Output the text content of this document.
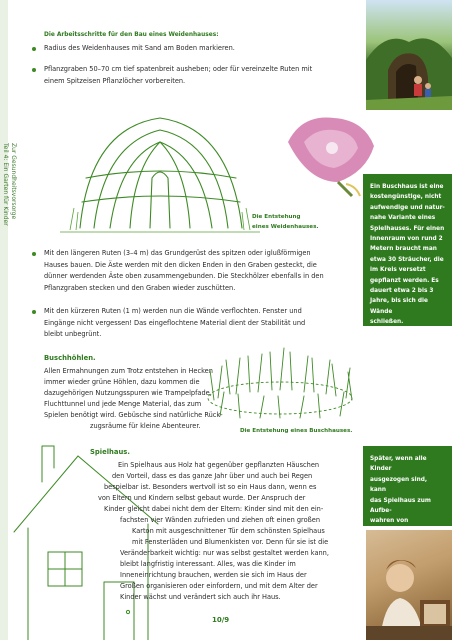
Zur Gesundheitsvorsorge
Teil 4: Ein Garten für Kinder
Die Arbeitsschritte für den Bau eines Weidenhauses:
Radius des Weidenhauses mit Sand am Boden markieren.
Pflanzgraben 50–70 cm tief spatenbreit ausheben; oder für vereinzelte Ruten mit
einem Spitzeisen Pflanzlöcher vorbereiten.
Die Entstehung
eines Weidenhauses.
Ein Buschhaus ist eine
kostengünstige, nicht
aufwendige und natur-
nahe Variante eines
Spielhauses. Für einen
Innenraum von rund 2
Metern braucht man
etwa 30 Sträucher, die
im Kreis versetzt
gepflanzt werden. Es
dauert etwa 2 bis 3
Jahre, bis sich die Wände
schließen.
Mit den längeren Ruten (3–4 m) das Grundgerüst des spitzen oder iglußförmigen
Hauses bauen. Die Äste werden mit den dicken Enden in den Graben gesteckt, die
dünner werdenden Äste oben zusammengebunden. Die Steckhölzer ebenfalls in den
Pflanzgraben stecken und den Graben wieder zuschütten.
Mit den kürzeren Ruten (1 m) werden nun die Wände verflochten. Fenster und
Eingänge nicht vergessen! Das eingeflochtene Material dient der Stabilität und
bleibt unbegrünt.
Buschhöhlen.
Allen Ermahnungen zum Trotz entstehen in Hecken
immer wieder grüne Höhlen, dazu kommen die
dazugehörigen Nutzungsspuren wie Trampelpfade,
Fluchttunnel und jede Menge Material, das zum
Spielen benötigt wird. Gebüsche sind natürliche Rück-
zugsräume für kleine Abenteurer.
Die Entstehung eines Buschhauses.
Spielhaus.
Ein Spielhaus aus Holz hat gegenüber gepflanzten Häuschen
den Vorteil, dass es das ganze Jahr über und auch bei Regen
bespielbar ist. Besonders wertvoll ist so ein Haus dann, wenn es
von Eltern und Kindern selbst gebaut wurde. Der Anspruch der
Kinder gleicht dabei nicht dem der Eltern: Kinder sind mit den ein-
fachsten vier Wänden zufrieden und ziehen oft einen großen
Karton mit ausgeschnittener Tür dem schönsten Spielhaus
mit Fensterläden und Blumenkisten vor. Denn für sie ist die
Veränderbarkeit wichtig: nur was selbst gestaltet werden kann,
bleibt langfristig interessant. Alles, was die Kinder im
Inneneinrichtung brauchen, werden sie sich im Haus der
Großen organisieren oder einfordern, und mit dem Alter der
Kinder wächst und verändert sich auch ihr Haus.
Später, wenn alle Kinder
ausgezogen sind, kann
das Spielhaus zum Aufbe-
wahren von
10/9
